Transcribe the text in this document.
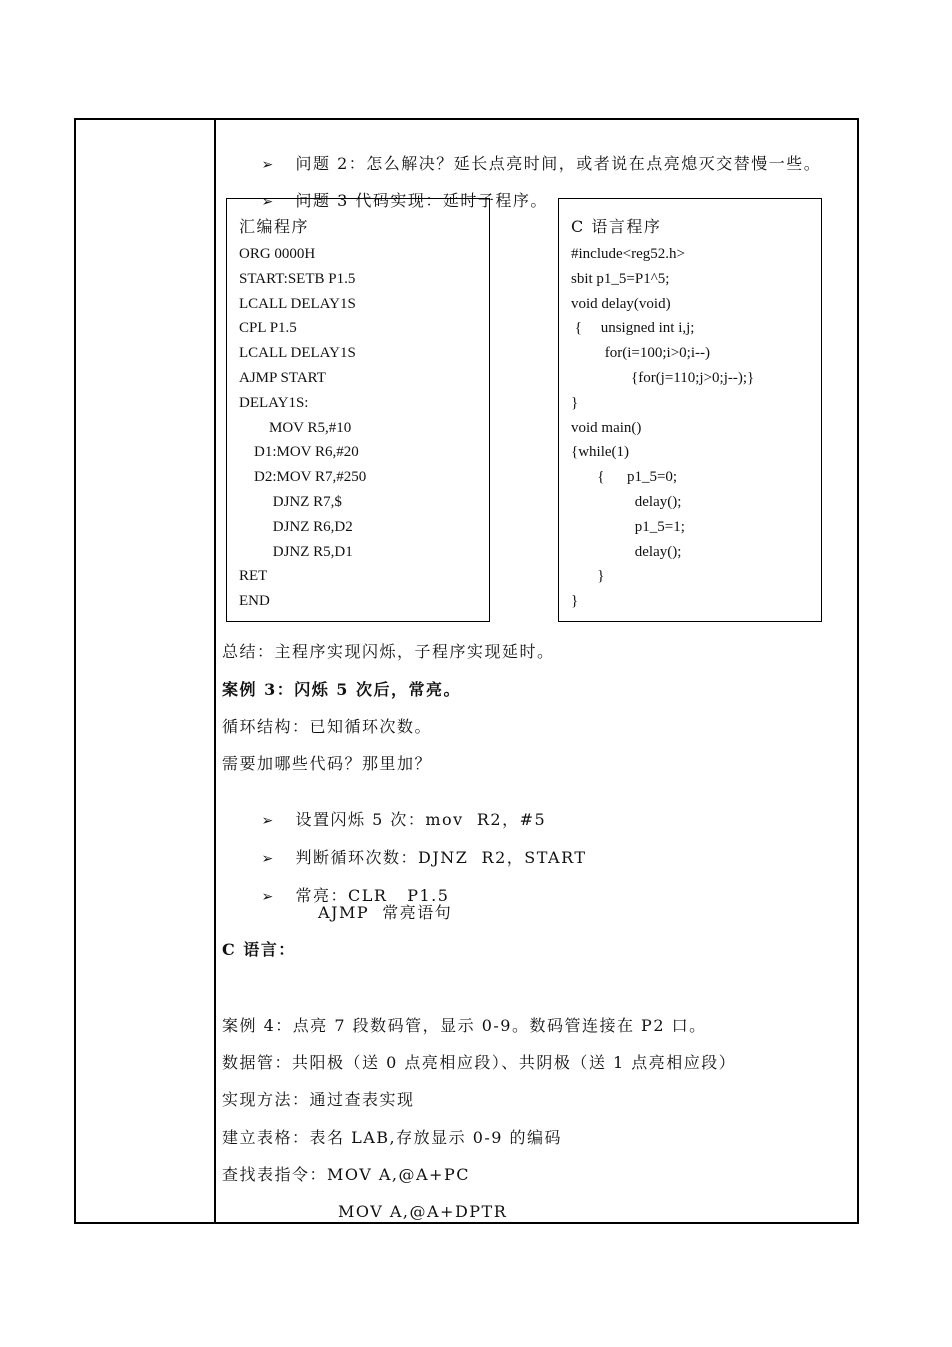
➢ 问题 2：怎么解决？延长点亮时间，或者说在点亮熄灭交替慢一些。

➢ 问题 3 代码实现：延时子程序。

汇编程序
ORG 0000H
START:SETB P1.5
LCALL DELAY1S
CPL P1.5
LCALL DELAY1S
AJMP START
DELAY1S:
MOV R5,#10
D1:MOV R6,#20
D2:MOV R7,#250
DJNZ R7,$
DJNZ R6,D2
DJNZ R5,D1
RET
END
C 语言程序
#include<reg52.h>
sbit p1_5=P1^5;
void delay(void)
{     unsigned int i,j;
for(i=100;i>0;i--)
{for(j=110;j>0;j--);}
}
void main()
{while(1)
{      p1_5=0;
delay();
p1_5=1;
delay();
}
}
总结：主程序实现闪烁，子程序实现延时。
案例 3：闪烁 5 次后，常亮。
循环结构：已知循环次数。
需要加哪些代码？那里加？

➢ 设置闪烁 5 次：mov  R2，#5

➢ 判断循环次数：DJNZ  R2，START

➢ 常亮：CLR   P1.5

AJMP  常亮语句
C 语言：
案例 4：点亮 7 段数码管，显示 0-9。数码管连接在 P2 口。
数据管：共阳极（送 0 点亮相应段）、共阴极（送 1 点亮相应段）
实现方法：通过查表实现
建立表格：表名 LAB,存放显示 0-9 的编码
查找表指令：MOV A,@A+PC
MOV A,@A+DPTR
